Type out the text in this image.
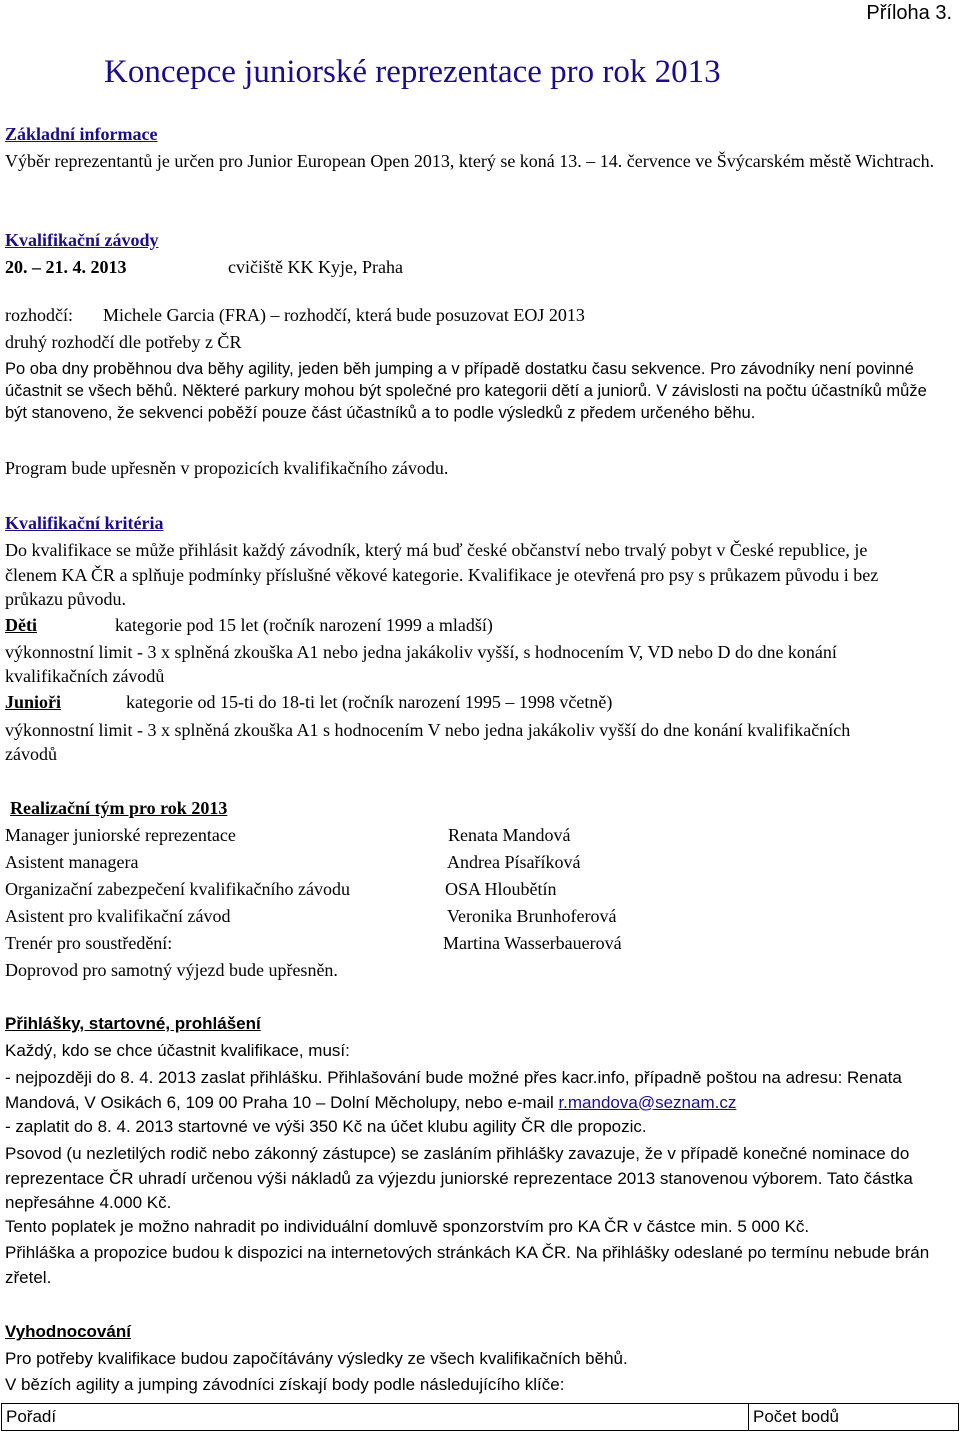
Příloha 3.
Koncepce juniorské reprezentace pro rok 2013
Základní informace
Výběr reprezentantů je určen pro Junior European Open 2013, který se koná 13. – 14. července ve Švýcarském městě Wichtrach.
Kvalifikační závody
20. – 21. 4. 2013	cvičiště KK Kyje, Praha
rozhodčí: Michele Garcia (FRA) – rozhodčí, která bude posuzovat EOJ 2013
druhý rozhodčí dle potřeby z ČR
Po oba dny proběhnou dva běhy agility, jeden běh jumping a v případě dostatku času sekvence. Pro závodníky není povinné účastnit se všech běhů. Některé parkury mohou být společné pro kategorii dětí a juniorů. V závislosti na počtu účastníků může být stanoveno, že sekvenci poběží pouze část účastníků a to podle výsledků z předem určeného běhu.
Program bude upřesněn v propozicích kvalifikačního závodu.
Kvalifikační kritéria
Do kvalifikace se může přihlásit každý závodník, který má buď české občanství nebo trvalý pobyt v České republice, je členem KA ČR a splňuje podmínky příslušné věkové kategorie. Kvalifikace je otevřená pro psy s průkazem původu i bez průkazu původu.
Děti	kategorie pod 15 let (ročník narození 1999 a mladší)
výkonnostní limit - 3 x splněná zkouška A1 nebo jedna jakákoliv vyšší, s hodnocením V, VD nebo D do dne konání kvalifikačních závodů
Junioři	kategorie od 15-ti do 18-ti let (ročník narození 1995 – 1998 včetně)
výkonnostní limit - 3 x splněná zkouška A1 s hodnocením V nebo jedna jakákoliv vyšší do dne konání kvalifikačních závodů
Realizační tým pro rok 2013
Manager juniorské reprezentace	Renata Mandová
Asistent managera	Andrea Písaříková
Organizační zabezpečení kvalifikačního závodu	OSA Hloubětín
Asistent pro kvalifikační závod	Veronika Brunhoferová
Trenér pro soustředění:	Martina Wasserbauerová
Doprovod pro samotný výjezd bude upřesněn.
Přihlášky, startovné, prohlášení
Každý, kdo se chce účastnit kvalifikace, musí:
- nejpozději do 8. 4. 2013 zaslat přihlášku. Přihlašování bude možné přes kacr.info, případně poštou na adresu: Renata Mandová, V Osikách 6, 109 00 Praha 10 – Dolní Měcholupy, nebo e-mail r.mandova@seznam.cz
- zaplatit do 8. 4. 2013 startovné ve výši 350 Kč na účet klubu agility ČR dle propozic.
Psovod (u nezletilých rodič nebo zákonný zástupce) se zasláním přihlášky zavazuje, že v případě konečné nominace do reprezentace ČR uhradí určenou výši nákladů za výjezdu juniorské reprezentace 2013 stanovenou výborem. Tato částka nepřesáhne 4.000 Kč.
Tento poplatek je možno nahradit po individuální domluvě sponzorstvím pro KA ČR v částce min. 5 000 Kč.
Přihláška a propozice budou k dispozici na internetových stránkách KA ČR. Na přihlášky odeslané po termínu nebude brán zřetel.
Vyhodnocování
Pro potřeby kvalifikace budou započítávány výsledky ze všech kvalifikačních běhů.
V bězích agility a jumping závodníci získají body podle následujícího klíče:
Pořadí	Počet bodů
